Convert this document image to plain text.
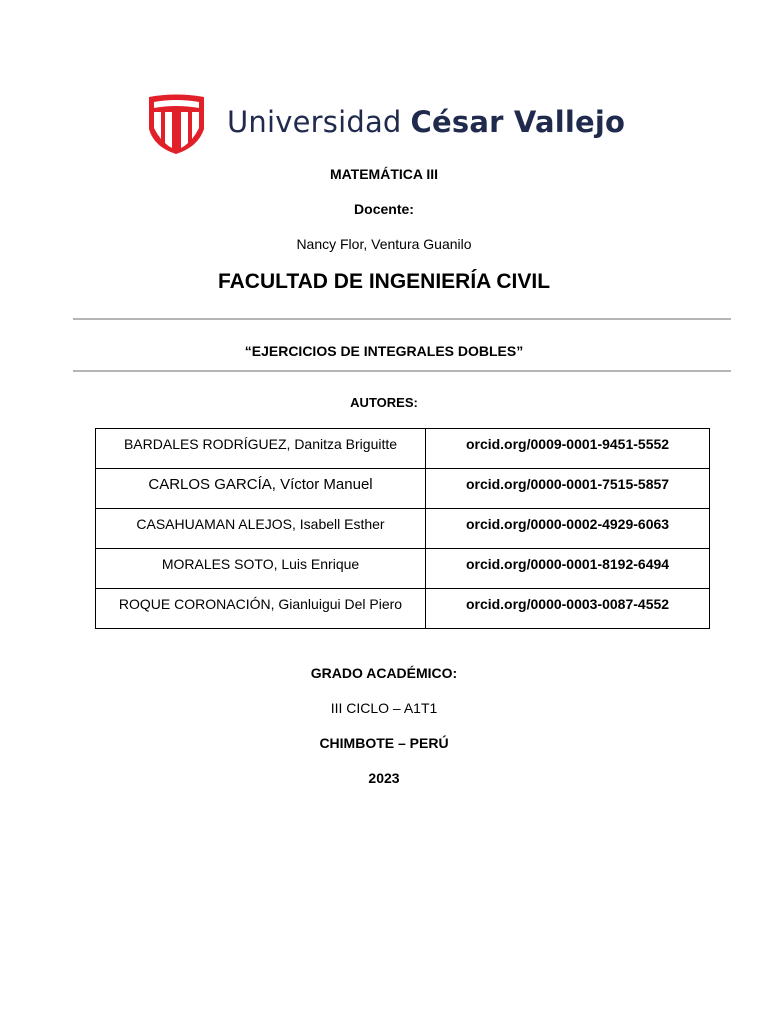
Universidad César Vallejo
MATEMÁTICA III
Docente:
Nancy Flor, Ventura Guanilo
FACULTAD DE INGENIERÍA CIVIL
“EJERCICIOS DE INTEGRALES DOBLES”
AUTORES:
BARDALES RODRÍGUEZ, Danitza Briguitte	orcid.org/0009-0001-9451-5552

CARLOS GARCÍA, Víctor Manuel	orcid.org/0000-0001-7515-5857

CASAHUAMAN ALEJOS, Isabell Esther	orcid.org/0000-0002-4929-6063

MORALES SOTO, Luis Enrique	orcid.org/0000-0001-8192-6494

ROQUE CORONACIÓN, Gianluigui Del Piero	orcid.org/0000-0003-0087-4552
GRADO ACADÉMICO:
III CICLO – A1T1
CHIMBOTE – PERÚ
2023
